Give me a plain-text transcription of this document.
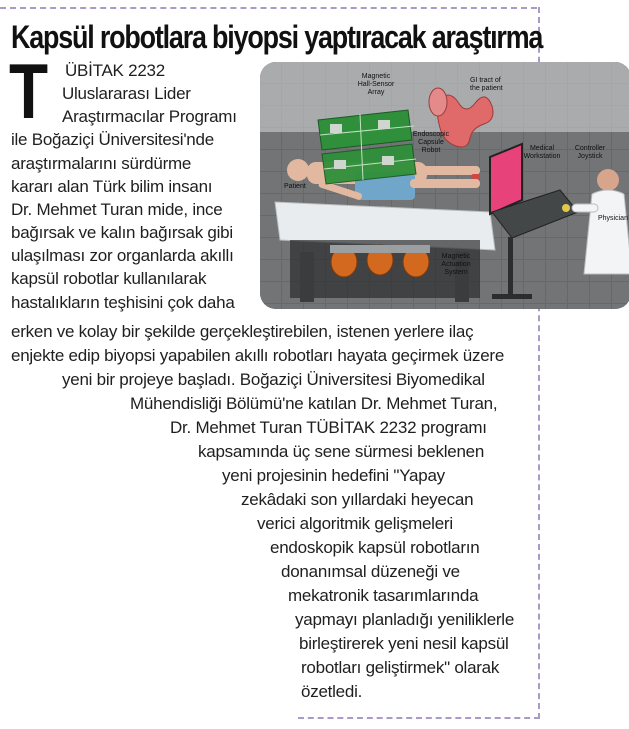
Kapsül robotlara biyopsi yaptıracak araştırma
T ÜBİTAK 2232
Uluslararası Lider
Araştırmacılar Programı
ile Boğaziçi Üniversitesi'nde
araştırmalarını sürdürme
kararı alan Türk bilim insanı
Dr. Mehmet Turan mide, ince
bağırsak ve kalın bağırsak gibi
ulaşılması zor organlarda akıllı
kapsül robotlar kullanılarak
hastalıkların teşhisini çok daha
erken ve kolay bir şekilde gerçekleştirebilen, istenen yerlere ilaç
enjekte edip biyopsi yapabilen akıllı robotları hayata geçirmek üzere
yeni bir projeye başladı. Boğaziçi Üniversitesi Biyomedikal
Mühendisliği Bölümü'ne katılan Dr. Mehmet Turan,
Dr. Mehmet Turan TÜBİTAK 2232 programı
kapsamında üç sene sürmesi beklenen
yeni projesinin hedefini "Yapay
zekâdaki son yıllardaki heyecan
verici algoritmik gelişmeleri
endoskopik kapsül robotların
donanımsal düzeneği ve
mekatronik tasarımlarında
yapmayı planladığı yeniliklerle
birleştirerek yeni nesil kapsül
robotları geliştirmek" olarak
özetledi.
Magnetic
Hall-Sensor
Array
GI tract of
the patient
Endoscopic
Capsule
Robot	Medical
Workstation
Controller
Joystick
Patient
Physician
Magnetic
Actuation
System
